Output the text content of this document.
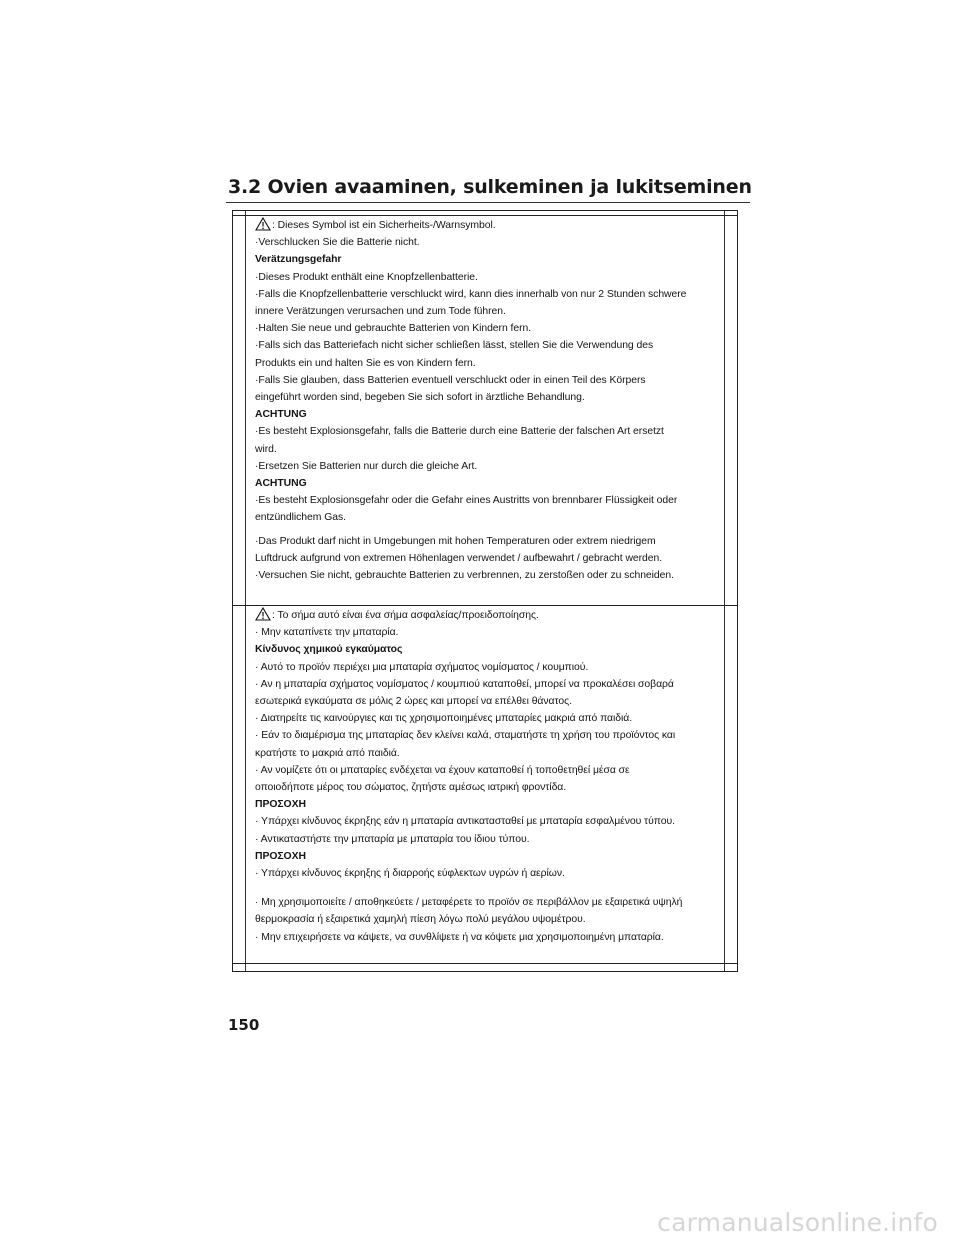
3.2 Ovien avaaminen, sulkeminen ja lukitseminen
: Dieses Symbol ist ein Sicherheits-/Warnsymbol.
·Verschlucken Sie die Batterie nicht.
Verätzungsgefahr
·Dieses Produkt enthält eine Knopfzellenbatterie.
·Falls die Knopfzellenbatterie verschluckt wird, kann dies innerhalb von nur 2 Stunden schwere
innere Verätzungen verursachen und zum Tode führen.
·Halten Sie neue und gebrauchte Batterien von Kindern fern.
·Falls sich das Batteriefach nicht sicher schließen lässt, stellen Sie die Verwendung des
Produkts ein und halten Sie es von Kindern fern.
·Falls Sie glauben, dass Batterien eventuell verschluckt oder in einen Teil des Körpers
eingeführt worden sind, begeben Sie sich sofort in ärztliche Behandlung.
ACHTUNG
·Es besteht Explosionsgefahr, falls die Batterie durch eine Batterie der falschen Art ersetzt
wird.
·Ersetzen Sie Batterien nur durch die gleiche Art.
ACHTUNG
·Es besteht Explosionsgefahr oder die Gefahr eines Austritts von brennbarer Flüssigkeit oder
entzündlichem Gas.
·Das Produkt darf nicht in Umgebungen mit hohen Temperaturen oder extrem niedrigem
Luftdruck aufgrund von extremen Höhenlagen verwendet / aufbewahrt / gebracht werden.
·Versuchen Sie nicht, gebrauchte Batterien zu verbrennen, zu zerstoßen oder zu schneiden.
: Το σήμα αυτό είναι ένα σήμα ασφαλείας/προειδοποίησης.
· Μην καταπίνετε την μπαταρία.
Κίνδυνος χημικού εγκαύματος
· Αυτό το προϊόν περιέχει μια μπαταρία σχήματος νομίσματος / κουμπιού.
· Αν η μπαταρία σχήματος νομίσματος / κουμπιού καταποθεί, μπορεί να προκαλέσει σοβαρά
εσωτερικά εγκαύματα σε μόλις 2 ώρες και μπορεί να επέλθει θάνατος.
· Διατηρείτε τις καινούργιες και τις χρησιμοποιημένες μπαταρίες μακριά από παιδιά.
· Εάν το διαμέρισμα της μπαταρίας δεν κλείνει καλά, σταματήστε τη χρήση του προϊόντος και
κρατήστε το μακριά από παιδιά.
· Αν νομίζετε ότι οι μπαταρίες ενδέχεται να έχουν καταποθεί ή τοποθετηθεί μέσα σε
οποιοδήποτε μέρος του σώματος, ζητήστε αμέσως ιατρική φροντίδα.
ΠΡΟΣΟΧΗ
· Υπάρχει κίνδυνος έκρηξης εάν η μπαταρία αντικατασταθεί με μπαταρία εσφαλμένου τύπου.
· Αντικαταστήστε την μπαταρία με μπαταρία του ίδιου τύπου.
ΠΡΟΣΟΧΗ
· Υπάρχει κίνδυνος έκρηξης ή διαρροής εύφλεκτων υγρών ή αερίων.
· Μη χρησιμοποιείτε / αποθηκεύετε / μεταφέρετε το προϊόν σε περιβάλλον με εξαιρετικά υψηλή
θερμοκρασία ή εξαιρετικά χαμηλή πίεση λόγω πολύ μεγάλου υψομέτρου.
· Μην επιχειρήσετε να κάψετε, να συνθλίψετε ή να κόψετε μια χρησιμοποιημένη μπαταρία.
150
carmanualsonline.info
